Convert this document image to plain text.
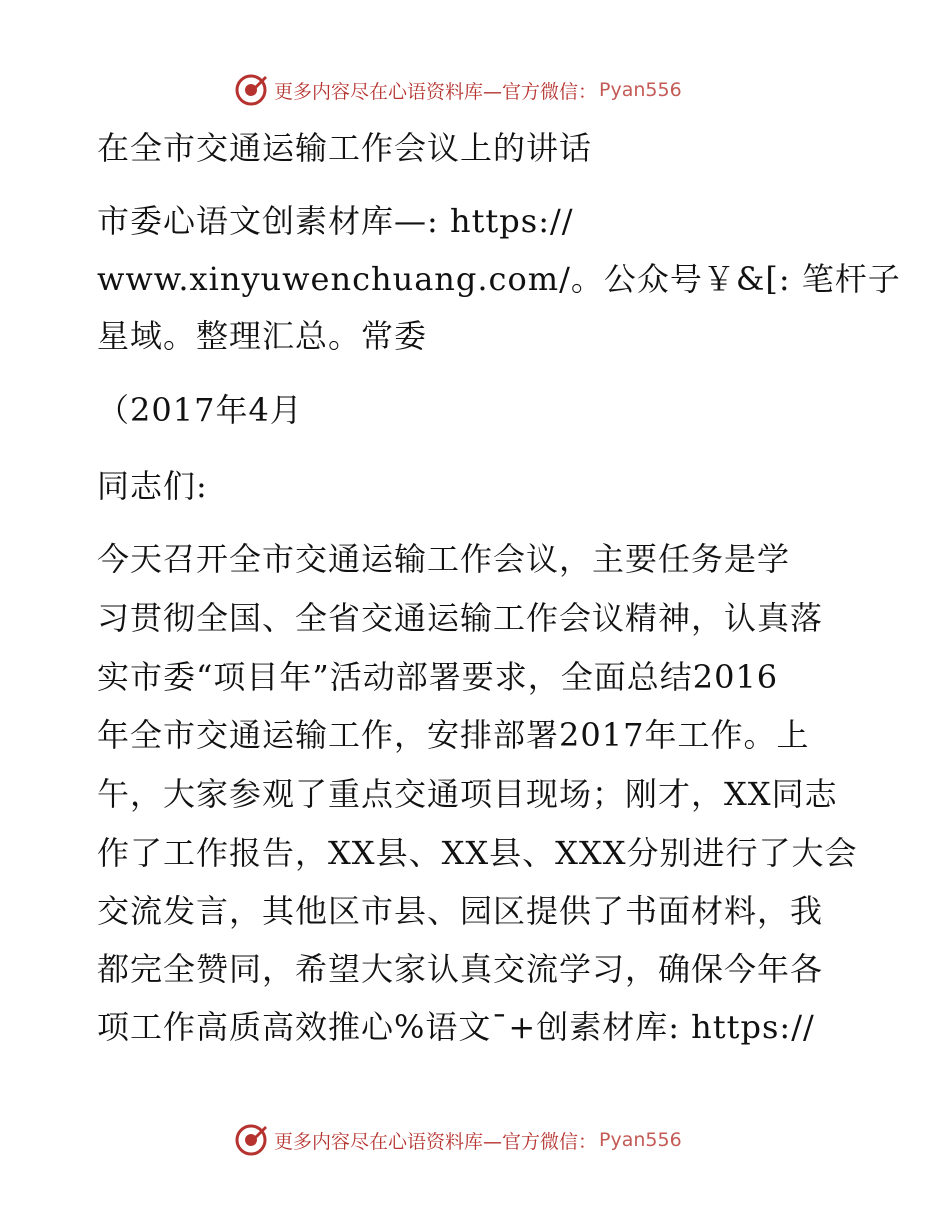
更多内容尽在心语资料库—官方微信： Pyan556
在全市交通运输工作会议上的讲话
市委心语文创素材库—: https://
www.xinyuwenchuang.com/。公众号￥&[: 笔杆子
星域。整理汇总。常委
（2017年4月
同志们:
今天召开全市交通运输工作会议，主要任务是学
习贯彻全国、全省交通运输工作会议精神，认真落
实市委“项目年”活动部署要求，全面总结2016
年全市交通运输工作，安排部署2017年工作。上
午，大家参观了重点交通项目现场；刚才，XX同志
作了工作报告，XX县、XX县、XXX分别进行了大会
交流发言，其他区市县、园区提供了书面材料，我
都完全赞同，希望大家认真交流学习，确保今年各
项工作高质高效推心%语文¯+创素材库: https://
更多内容尽在心语资料库—官方微信： Pyan556
